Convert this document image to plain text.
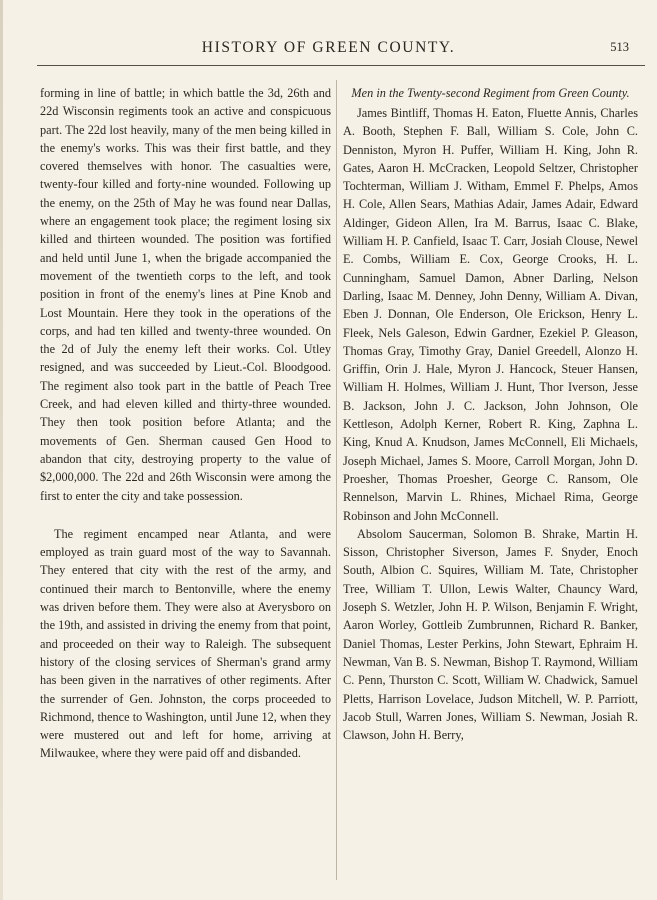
HISTORY OF GREEN COUNTY.	513

forming in line of battle; in which battle the 3d, 26th and 22d Wisconsin regiments took an active and conspicuous part. The 22d lost heavily, many of the men being killed in the enemy's works. This was their first battle, and they covered themselves with honor. The casualties were, twenty-four killed and forty-nine wounded. Following up the enemy, on the 25th of May he was found near Dallas, where an engagement took place; the regiment losing six killed and thirteen wounded. The position was fortified and held until June 1, when the brigade accompanied the movement of the twentieth corps to the left, and took position in front of the enemy's lines at Pine Knob and Lost Mountain. Here they took in the operations of the corps, and had ten killed and twenty-three wounded. On the 2d of July the enemy left their works. Col. Utley resigned, and was succeeded by Lieut.-Col. Bloodgood. The regiment also took part in the battle of Peach Tree Creek, and had eleven killed and thirty-three wounded. They then took position before Atlanta; and the movements of Gen. Sherman caused Gen Hood to abandon that city, destroying property to the value of $2,000,000. The 22d and 26th Wisconsin were among the first to enter the city and take possession.

The regiment encamped near Atlanta, and were employed as train guard most of the way to Savannah. They entered that city with the rest of the army, and continued their march to Bentonville, where the enemy was driven before them. They were also at Averysboro on the 19th, and assisted in driving the enemy from that point, and proceeded on their way to Raleigh. The subsequent history of the closing services of Sherman's grand army has been given in the narratives of other regiments. After the surrender of Gen. Johnston, the corps proceeded to Richmond, thence to Washington, until June 12, when they were mustered out and left for home, arriving at Milwaukee, where they were paid off and disbanded.

Men in the Twenty-second Regiment from Green County.

James Bintliff, Thomas H. Eaton, Fluette Annis, Charles A. Booth, Stephen F. Ball, William S. Cole, John C. Denniston, Myron H. Puffer, William H. King, John R. Gates, Aaron H. McCracken, Leopold Seltzer, Christopher Tochterman, William J. Witham, Emmel F. Phelps, Amos H. Cole, Allen Sears, Mathias Adair, James Adair, Edward Aldinger, Gideon Allen, Ira M. Barrus, Isaac C. Blake, William H. P. Canfield, Isaac T. Carr, Josiah Clouse, Newel E. Combs, William E. Cox, George Crooks, H. L. Cunningham, Samuel Damon, Abner Darling, Nelson Darling, Isaac M. Denney, John Denny, William A. Divan, Eben J. Donnan, Ole Enderson, Ole Erickson, Henry L. Fleek, Nels Galeson, Edwin Gardner, Ezekiel P. Gleason, Thomas Gray, Timothy Gray, Daniel Greedell, Alonzo H. Griffin, Orin J. Hale, Myron J. Hancock, Steuer Hansen, William H. Holmes, William J. Hunt, Thor Iverson, Jesse B. Jackson, John J. C. Jackson, John Johnson, Ole Kettleson, Adolph Kerner, Robert R. King, Zaphna L. King, Knud A. Knudson, James McConnell, Eli Michaels, Joseph Michael, James S. Moore, Carroll Morgan, John D. Proesher, Thomas Proesher, George C. Ransom, Ole Rennelson, Marvin L. Rhines, Michael Rima, George Robinson and John McConnell.

Absolom Saucerman, Solomon B. Shrake, Martin H. Sisson, Christopher Siverson, James F. Snyder, Enoch South, Albion C. Squires, William M. Tate, Christopher Tree, William T. Ullon, Lewis Walter, Chauncy Ward, Joseph S. Wetzler, John H. P. Wilson, Benjamin F. Wright, Aaron Worley, Gottleib Zumbrunnen, Richard R. Banker, Daniel Thomas, Lester Perkins, John Stewart, Ephraim H. Newman, Van B. S. Newman, Bishop T. Raymond, William C. Penn, Thurston C. Scott, William W. Chadwick, Samuel Pletts, Harrison Lovelace, Judson Mitchell, W. P. Parriott, Jacob Stull, Warren Jones, William S. Newman, Josiah R. Clawson, John H. Berry,
